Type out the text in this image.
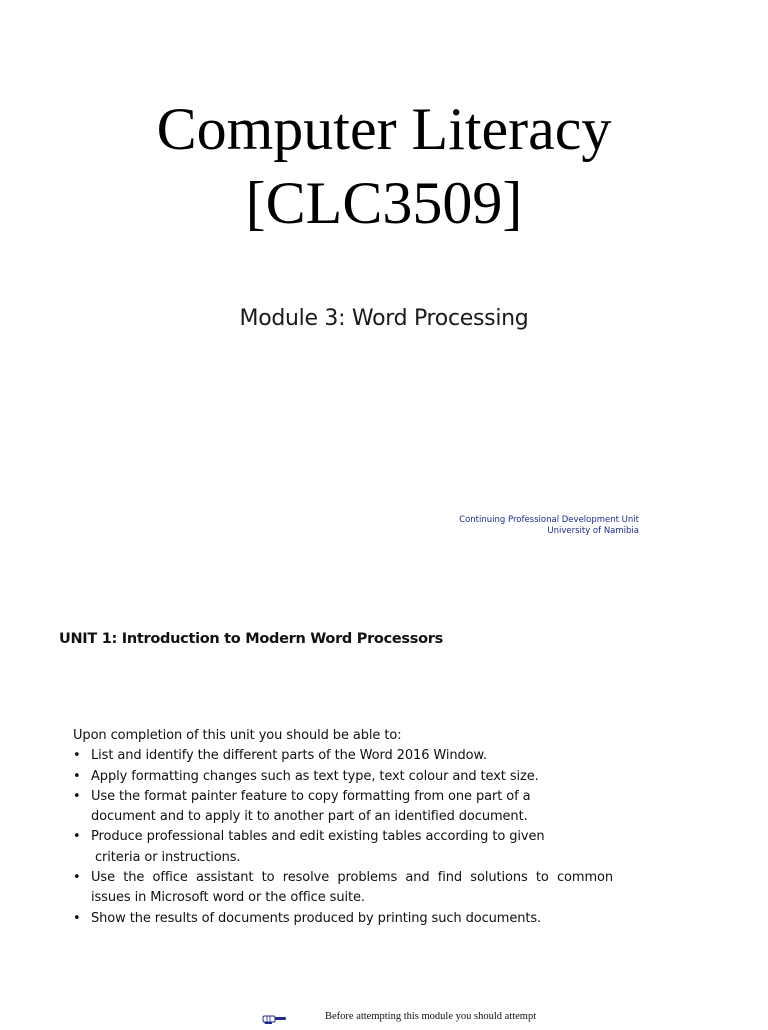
Computer Literacy
[CLC3509]
Module 3: Word Processing
Continuing Professional Development Unit
University of Namibia
UNIT 1: Introduction to Modern Word Processors
Upon completion of this unit you should be able to:
• List and identify the different parts of the Word 2016 Window.
• Apply formatting changes such as text type, text colour and text size.
• Use the format painter feature to copy formatting from one part of a
document and to apply it to another part of an identified document.
• Produce professional tables and edit existing tables according to given
criteria or instructions.
• Use the office assistant to resolve problems and find solutions to common
issues in Microsoft word or the office suite.
• Show the results of documents produced by printing such documents.
Before attempting this module you should attempt
